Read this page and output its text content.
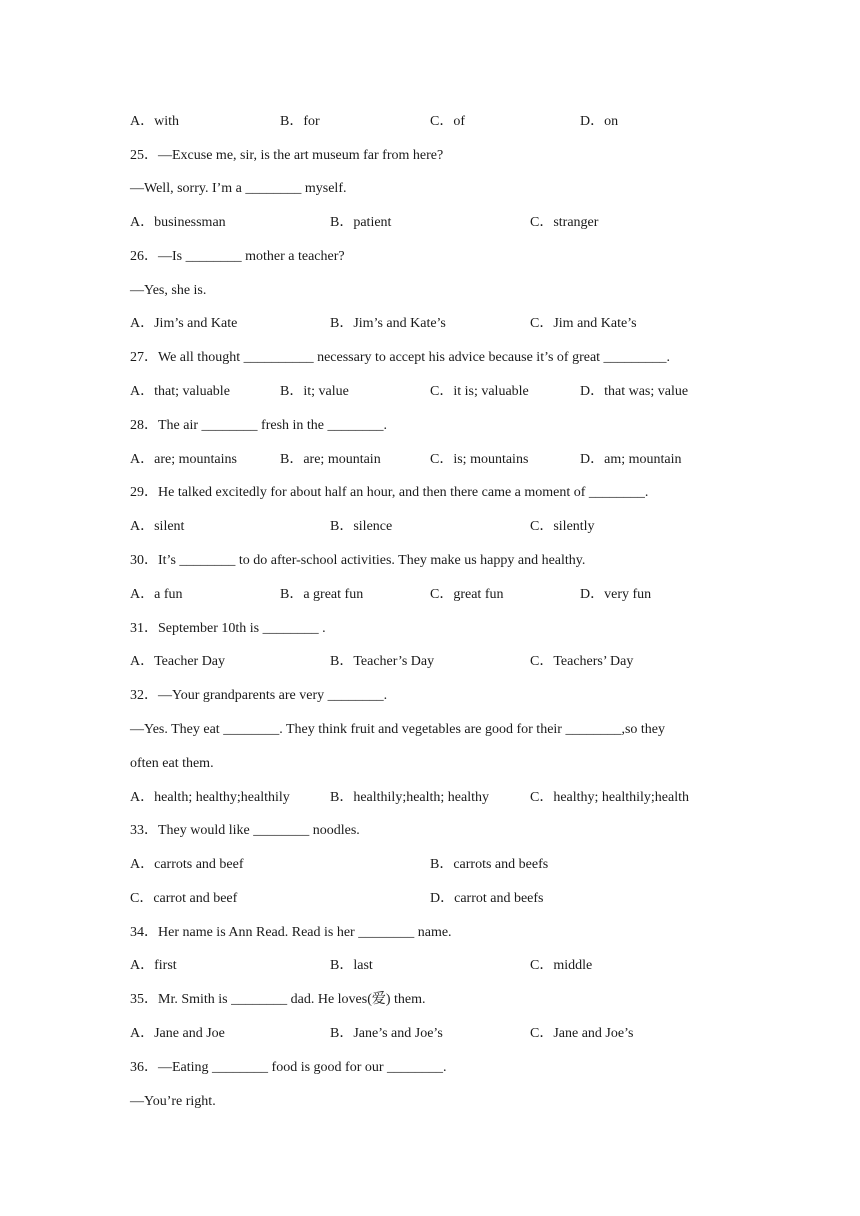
A．with	B．for	C．of	D．on
25．—Excuse me, sir, is the art museum far from here?
—Well, sorry. I’m a ________ myself.
A．businessman	B．patient	C．stranger
26．—Is ________ mother a teacher?
—Yes, she is.
A．Jim’s and Kate	B．Jim’s and Kate’s	C．Jim and Kate’s
27．We all thought __________ necessary to accept his advice because it’s of great _________.
A．that; valuable	B．it; value	C．it is; valuable	D．that was; value
28．The air ________ fresh in the ________.
A．are; mountains	B．are; mountain	C．is; mountains	D．am; mountain
29．He talked excitedly for about half an hour, and then there came a moment of ________.
A．silent	B．silence	C．silently
30．It’s ________ to do after-school activities. They make us happy and healthy.
A．a fun	B．a great fun	C．great fun	D．very fun
31．September 10th is ________ .
A．Teacher Day	B．Teacher’s Day	C．Teachers’ Day
32．—Your grandparents are very ________.
—Yes. They eat ________. They think fruit and vegetables are good for their ________,so they
often eat them.
A．health; healthy;healthily	B．healthily;health; healthy	C．healthy; healthily;health
33．They would like ________ noodles.
A．carrots and beef	B．carrots and beefs
C．carrot and beef	D．carrot and beefs
34．Her name is Ann Read. Read is her ________ name.
A．first	B．last	C．middle
35．Mr. Smith is ________ dad. He loves(爱) them.
A．Jane and Joe	B．Jane’s and Joe’s	C．Jane and Joe’s
36．—Eating ________ food is good for our ________.
—You’re right.
